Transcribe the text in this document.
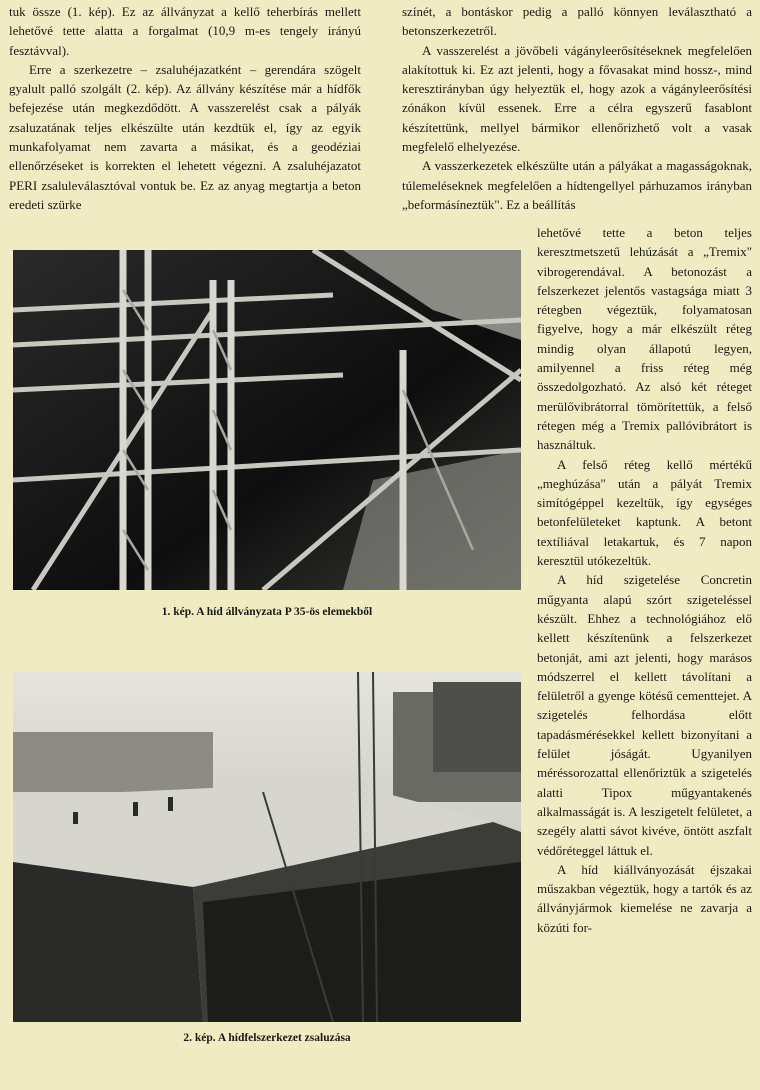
tuk össze (1. kép). Ez az állványzat a kellő teherbírás mellett lehetővé tette alatta a forgalmat (10,9 m-es tengely irányú fesztávval).

Erre a szerkezetre – zsaluhéjazatként – gerendára szögelt gyalult palló szolgált (2. kép). Az állvány készítése már a hídfők befejezése után megkezdődött. A vasszerelést csak a pályák zsaluzatának teljes elkészülte után kezdtük el, így az egyik munkafolyamat nem zavarta a másikat, és a geodéziai ellenőrzéseket is korrekten el lehetett végezni. A zsaluhéjazatot PERI zsaluleválasztóval vontuk be. Ez az anyag megtartja a beton eredeti szürke

színét, a bontáskor pedig a palló könnyen leválasztható a betonszerkezetről.

A vasszerelést a jövőbeli vágányleerősítéseknek megfelelően alakítottuk ki. Ez azt jelenti, hogy a fővasakat mind hossz-, mind keresztirányban úgy helyeztük el, hogy azok a vágányleerősítési zónákon kívül essenek. Erre a célra egyszerű fasablont készítettünk, mellyel bármikor ellenőrizhető volt a vasak megfelelő elhelyezése.

A vasszerkezetek elkészülte után a pályákat a magasságoknak, túlemeléseknek megfelelően a hídtengellyel párhuzamos irányban „beformásíneztük". Ez a beállítás

lehetővé tette a beton teljes keresztmetszetű lehúzását a „Tremix" vibrogerendával. A betonozást a felszerkezet jelentős vastagsága miatt 3 rétegben végeztük, folyamatosan figyelve, hogy a már elkészült réteg mindig olyan állapotú legyen, amilyennel a friss réteg még összedolgozható. Az alsó két réteget merülővibrátorral tömörítettük, a felső rétegen még a Tremix pallóvibrátort is használtuk.

A felső réteg kellő mértékű „meghúzása" után a pályát Tremix simítógéppel kezeltük, így egységes betonfelületeket kaptunk. A betont textíliával letakartuk, és 7 napon keresztül utókezeltük.

A híd szigetelése Concretin műgyanta alapú szórt szigeteléssel készült. Ehhez a technológiához elő kellett készítenünk a felszerkezet betonját, ami azt jelenti, hogy marásos módszerrel el kellett távolítani a felületről a gyenge kötésű cementtejet. A szigetelés felhordása előtt tapadásmérésekkel kellett bizonyítani a felület jóságát. Ugyanilyen méréssorozattal ellenőriztük a szigetelés alatti Tipox műgyantakenés alkalmasságát is. A leszigetelt felületet, a szegély alatti sávot kivéve, öntött aszfalt védőréteggel láttuk el.

A híd kiállványozását éjszakai műszakban végeztük, hogy a tartók és az állványjármok kiemelése ne zavarja a közúti for-

1. kép. A híd állványzata P 35-ös elemekből
2. kép. A hídfelszerkezet zsaluzása
